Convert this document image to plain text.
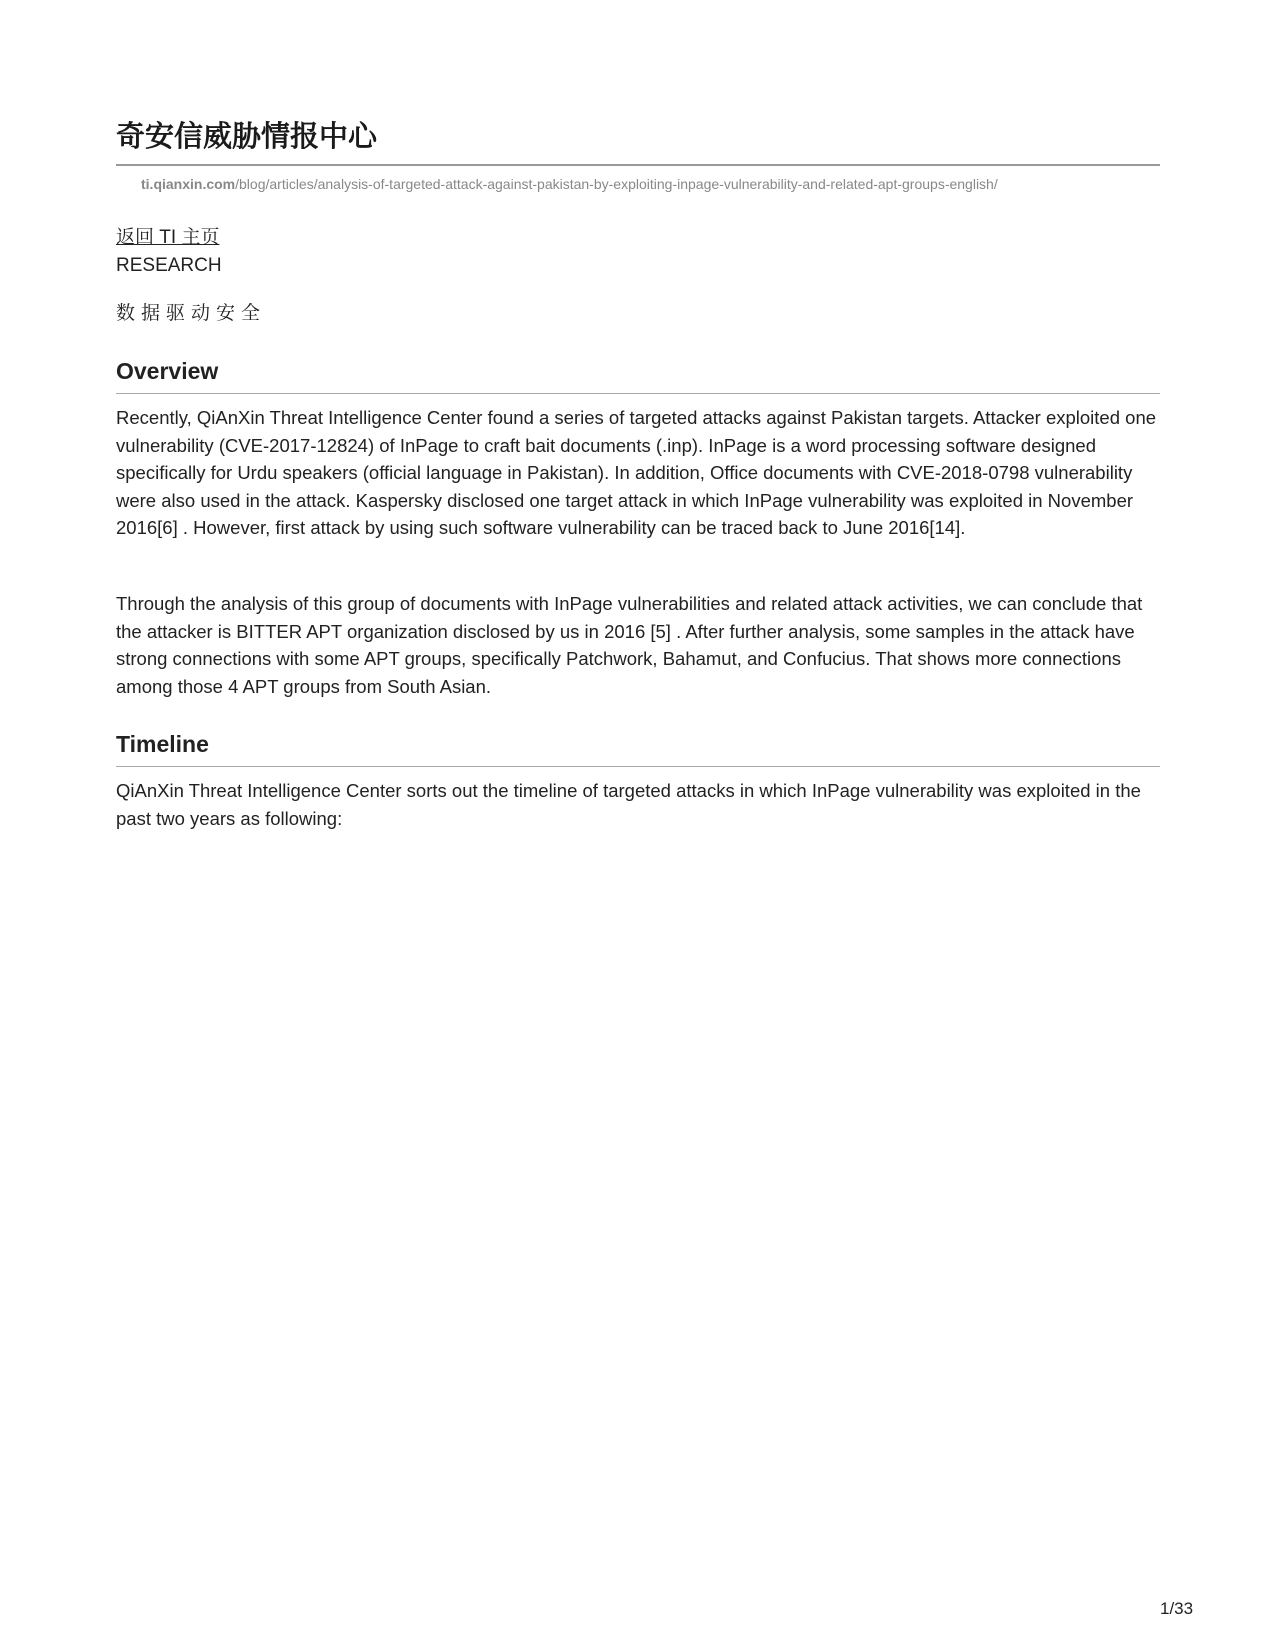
奇安信威胁情报中心
ti.qianxin.com/blog/articles/analysis-of-targeted-attack-against-pakistan-by-exploiting-inpage-vulnerability-and-related-apt-groups-english/
返回 TI 主页
RESEARCH
数据驱动安全
Overview

Recently, QiAnXin Threat Intelligence Center found a series of targeted attacks against Pakistan targets. Attacker exploited one vulnerability (CVE-2017-12824) of InPage to craft bait documents (.inp). InPage is a word processing software designed specifically for Urdu speakers (official language in Pakistan). In addition, Office documents with CVE-2018-0798 vulnerability were also used in the attack. Kaspersky disclosed one target attack in which InPage vulnerability was exploited in November 2016[6] . However, first attack by using such software vulnerability can be traced back to June 2016[14].

Through the analysis of this group of documents with InPage vulnerabilities and related attack activities, we can conclude that the attacker is BITTER APT organization disclosed by us in 2016 [5] . After further analysis, some samples in the attack have strong connections with some APT groups, specifically Patchwork, Bahamut, and Confucius. That shows more connections among those 4 APT groups from South Asian.

Timeline

QiAnXin Threat Intelligence Center sorts out the timeline of targeted attacks in which InPage vulnerability was exploited in the past two years as following:

1/33
